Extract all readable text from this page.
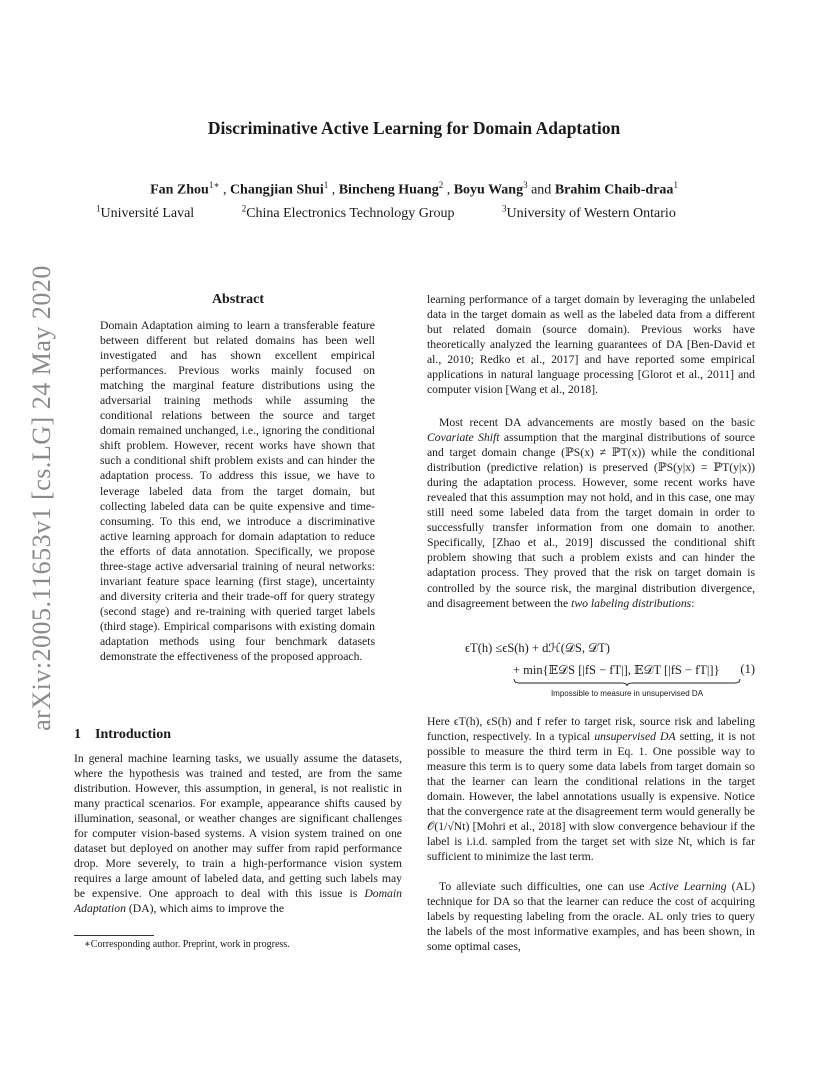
arXiv:2005.11653v1 [cs.LG] 24 May 2020
Discriminative Active Learning for Domain Adaptation
Fan Zhou$^{1∗}$ , Changjian Shui$^1$ , Bincheng Huang$^2$ , Boyu Wang$^3$ and Brahim Chaib-draa$^1$
$^1$Université Laval	$^2$China Electronics Technology Group	$^3$University of Western Ontario
Abstract

Domain Adaptation aiming to learn a transferable feature between different but related domains has been well investigated and has shown excellent empirical performances. Previous works mainly focused on matching the marginal feature distributions using the adversarial training methods while assuming the conditional relations between the source and target domain remained unchanged, i.e., ignoring the conditional shift problem. However, recent works have shown that such a conditional shift problem exists and can hinder the adaptation process. To address this issue, we have to leverage labeled data from the target domain, but collecting labeled data can be quite expensive and time-consuming. To this end, we introduce a discriminative active learning approach for domain adaptation to reduce the efforts of data annotation. Specifically, we propose three-stage active adversarial training of neural networks: invariant feature space learning (first stage), uncertainty and diversity criteria and their trade-off for query strategy (second stage) and re-training with queried target labels (third stage). Empirical comparisons with existing domain adaptation methods using four benchmark datasets demonstrate the effectiveness of the proposed approach.

1 Introduction

In general machine learning tasks, we usually assume the datasets, where the hypothesis was trained and tested, are from the same distribution. However, this assumption, in general, is not realistic in many practical scenarios. For example, appearance shifts caused by illumination, seasonal, or weather changes are significant challenges for computer vision-based systems. A vision system trained on one dataset but deployed on another may suffer from rapid performance drop. More severely, to train a high-performance vision system requires a large amount of labeled data, and getting such labels may be expensive. One approach to deal with this issue is Domain Adaptation (DA), which aims to improve the

∗Corresponding author. Preprint, work in progress.

learning performance of a target domain by leveraging the unlabeled data in the target domain as well as the labeled data from a different but related domain (source domain). Previous works have theoretically analyzed the learning guarantees of DA [Ben-David et al., 2010; Redko et al., 2017] and have reported some empirical applications in natural language processing [Glorot et al., 2011] and computer vision [Wang et al., 2018].

Most recent DA advancements are mostly based on the basic Covariate Shift assumption that the marginal distributions of source and target domain change (ℙS(x) ≠ ℙT(x)) while the conditional distribution (predictive relation) is preserved (ℙS(y|x) = ℙT(y|x)) during the adaptation process. However, some recent works have revealed that this assumption may not hold, and in this case, one may still need some labeled data from the target domain in order to successfully transfer information from one domain to another. Specifically, [Zhao et al., 2019] discussed the conditional shift problem showing that such a problem exists and can hinder the adaptation process. They proved that the risk on target domain is controlled by the source risk, the marginal distribution divergence, and disagreement between the two labeling distributions:

ϵT(h) ≤ϵS(h) + dℋ(𝒟S, 𝒟T)
+ min{𝔼𝒟S [|fS − fT|], 𝔼𝒟T [|fS − fT|]}
Impossible to measure in unsupervised DA
(1)

Here ϵT(h), ϵS(h) and f refer to target risk, source risk and labeling function, respectively. In a typical unsupervised DA setting, it is not possible to measure the third term in Eq. 1. One possible way to measure this term is to query some data labels from target domain so that the learner can learn the conditional relations in the target domain. However, the label annotations usually is expensive. Notice that the convergence rate at the disagreement term would generally be 𝒪(1/√Nt) [Mohri et al., 2018] with slow convergence behaviour if the label is i.i.d. sampled from the target set with size Nt, which is far sufficient to minimize the last term.

To alleviate such difficulties, one can use Active Learning (AL) technique for DA so that the learner can reduce the cost of acquiring labels by requesting labeling from the oracle. AL only tries to query the labels of the most informative examples, and has been shown, in some optimal cases,
